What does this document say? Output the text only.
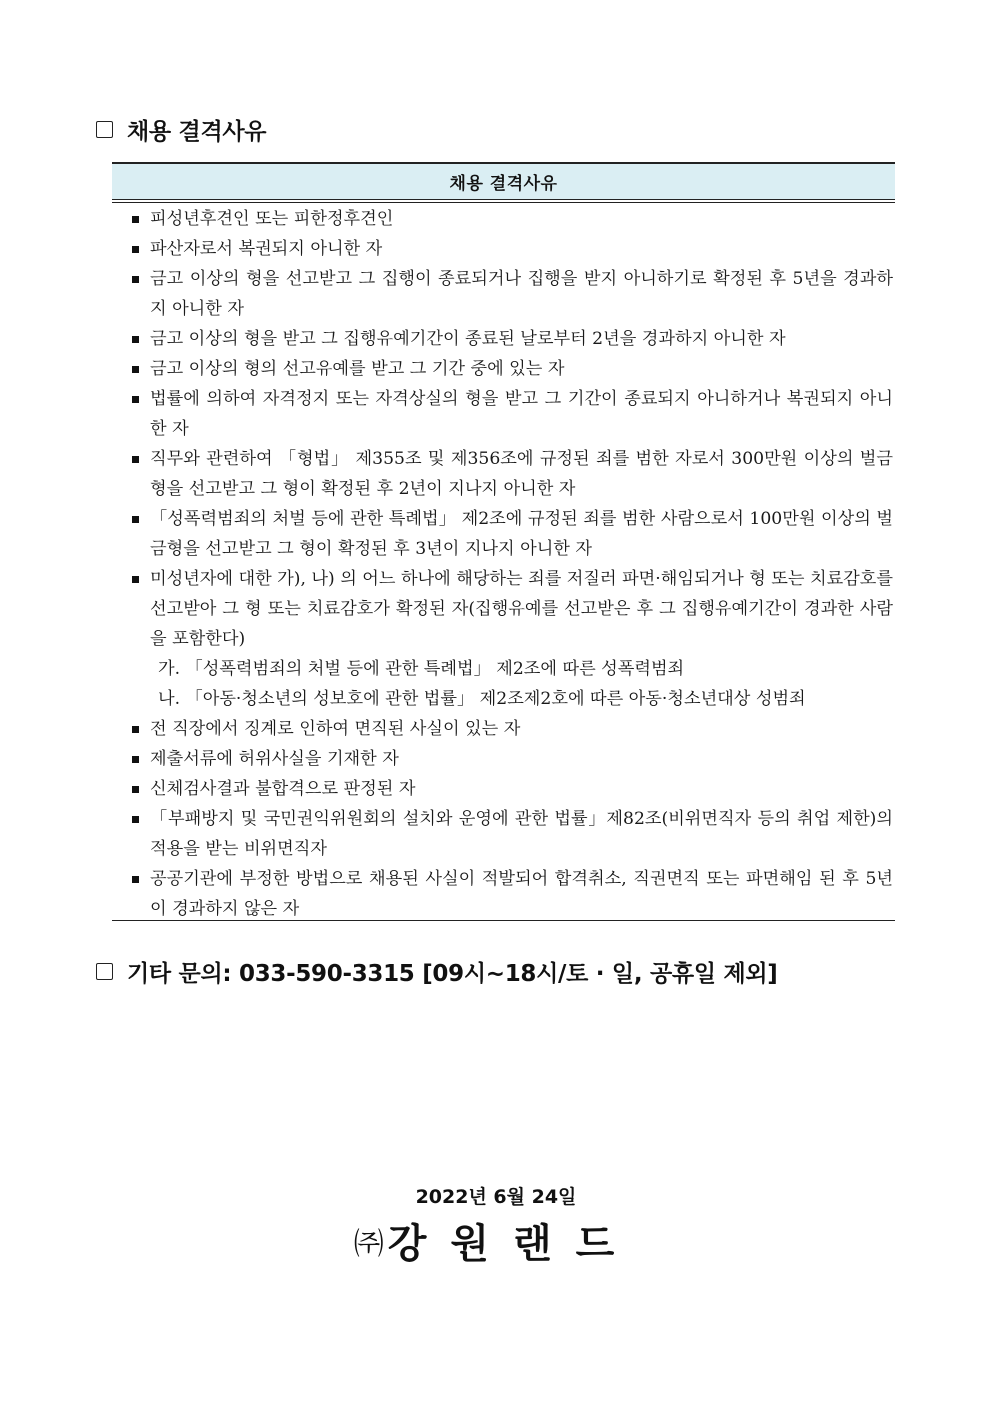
채용 결격사유
채용 결격사유
피성년후견인 또는 피한정후견인
파산자로서 복권되지 아니한 자
금고 이상의 형을 선고받고 그 집행이 종료되거나 집행을 받지 아니하기로 확정된 후 5년을 경과하지 아니한 자
금고 이상의 형을 받고 그 집행유예기간이 종료된 날로부터 2년을 경과하지 아니한 자
금고 이상의 형의 선고유예를 받고 그 기간 중에 있는 자
법률에 의하여 자격정지 또는 자격상실의 형을 받고 그 기간이 종료되지 아니하거나 복권되지 아니한 자
직무와 관련하여 「형법」 제355조 및 제356조에 규정된 죄를 범한 자로서 300만원 이상의 벌금형을 선고받고 그 형이 확정된 후 2년이 지나지 아니한 자
「성폭력범죄의 처벌 등에 관한 특례법」 제2조에 규정된 죄를 범한 사람으로서 100만원 이상의 벌금형을 선고받고 그 형이 확정된 후 3년이 지나지 아니한 자
미성년자에 대한 가), 나) 의 어느 하나에 해당하는 죄를 저질러 파면·해임되거나 형 또는 치료감호를 선고받아 그 형 또는 치료감호가 확정된 자(집행유예를 선고받은 후 그 집행유예기간이 경과한 사람을 포함한다)
가. 「성폭력범죄의 처벌 등에 관한 특례법」 제2조에 따른 성폭력범죄
나. 「아동·청소년의 성보호에 관한 법률」 제2조제2호에 따른 아동·청소년대상 성범죄
전 직장에서 징계로 인하여 면직된 사실이 있는 자
제출서류에 허위사실을 기재한 자
신체검사결과 불합격으로 판정된 자
「부패방지 및 국민권익위원회의 설치와 운영에 관한 법률」제82조(비위면직자 등의 취업 제한)의 적용을 받는 비위면직자
공공기관에 부정한 방법으로 채용된 사실이 적발되어 합격취소, 직권면직 또는 파면해임 된 후 5년이 경과하지 않은 자
기타 문의: 033-590-3315 [09시~18시/토 · 일, 공휴일 제외]
2022년 6월 24일
㈜ 강원랜드
